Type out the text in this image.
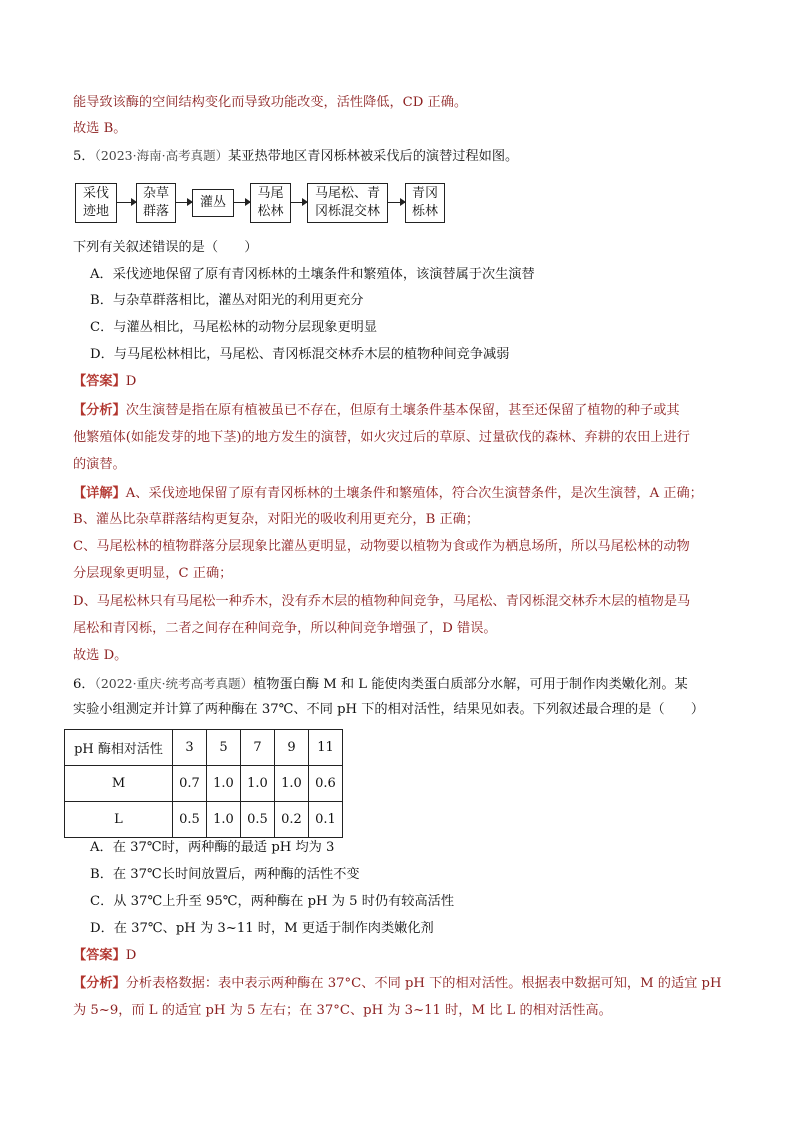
能导致该酶的空间结构变化而导致功能改变，活性降低，CD 正确。
故选 B。
5．（2023·海南·高考真题）某亚热带地区青冈栎林被采伐后的演替过程如图。
采伐
迹地
杂草
群落
灌丛
马尾
松林
马尾松、青
冈栎混交林
青冈
栎林
下列有关叙述错误的是（　　）
A．采伐迹地保留了原有青冈栎林的土壤条件和繁殖体，该演替属于次生演替
B．与杂草群落相比，灌丛对阳光的利用更充分
C．与灌丛相比，马尾松林的动物分层现象更明显
D．与马尾松林相比，马尾松、青冈栎混交林乔木层的植物种间竞争减弱
【答案】D
【分析】次生演替是指在原有植被虽已不存在，但原有土壤条件基本保留，甚至还保留了植物的种子或其
他繁殖体(如能发芽的地下茎)的地方发生的演替，如火灾过后的草原、过量砍伐的森林、弃耕的农田上进行
的演替。
【详解】A、采伐迹地保留了原有青冈栎林的土壤条件和繁殖体，符合次生演替条件，是次生演替，A 正确；
B、灌丛比杂草群落结构更复杂，对阳光的吸收利用更充分，B 正确；
C、马尾松林的植物群落分层现象比灌丛更明显，动物要以植物为食或作为栖息场所，所以马尾松林的动物
分层现象更明显，C 正确；
D、马尾松林只有马尾松一种乔木，没有乔木层的植物种间竞争，马尾松、青冈栎混交林乔木层的植物是马
尾松和青冈栎，二者之间存在种间竞争，所以种间竞争增强了，D 错误。
故选 D。
6．（2022·重庆·统考高考真题）植物蛋白酶 M 和 L 能使肉类蛋白质部分水解，可用于制作肉类嫩化剂。某
实验小组测定并计算了两种酶在 37℃、不同 pH 下的相对活性，结果见如表。下列叙述最合理的是（　　）
pH 酶相对活性	3	5	7	9	11
M	0.7	1.0	1.0	1.0	0.6
L	0.5	1.0	0.5	0.2	0.1
A．在 37℃时，两种酶的最适 pH 均为 3
B．在 37℃长时间放置后，两种酶的活性不变
C．从 37℃上升至 95℃，两种酶在 pH 为 5 时仍有较高活性
D．在 37℃、pH 为 3~11 时，M 更适于制作肉类嫩化剂
【答案】D
【分析】分析表格数据：表中表示两种酶在 37°C、不同 pH 下的相对活性。根据表中数据可知，M 的适宜 pH
为 5~9，而 L 的适宜 pH 为 5 左右；在 37°C、pH 为 3~11 时，M 比 L 的相对活性高。
